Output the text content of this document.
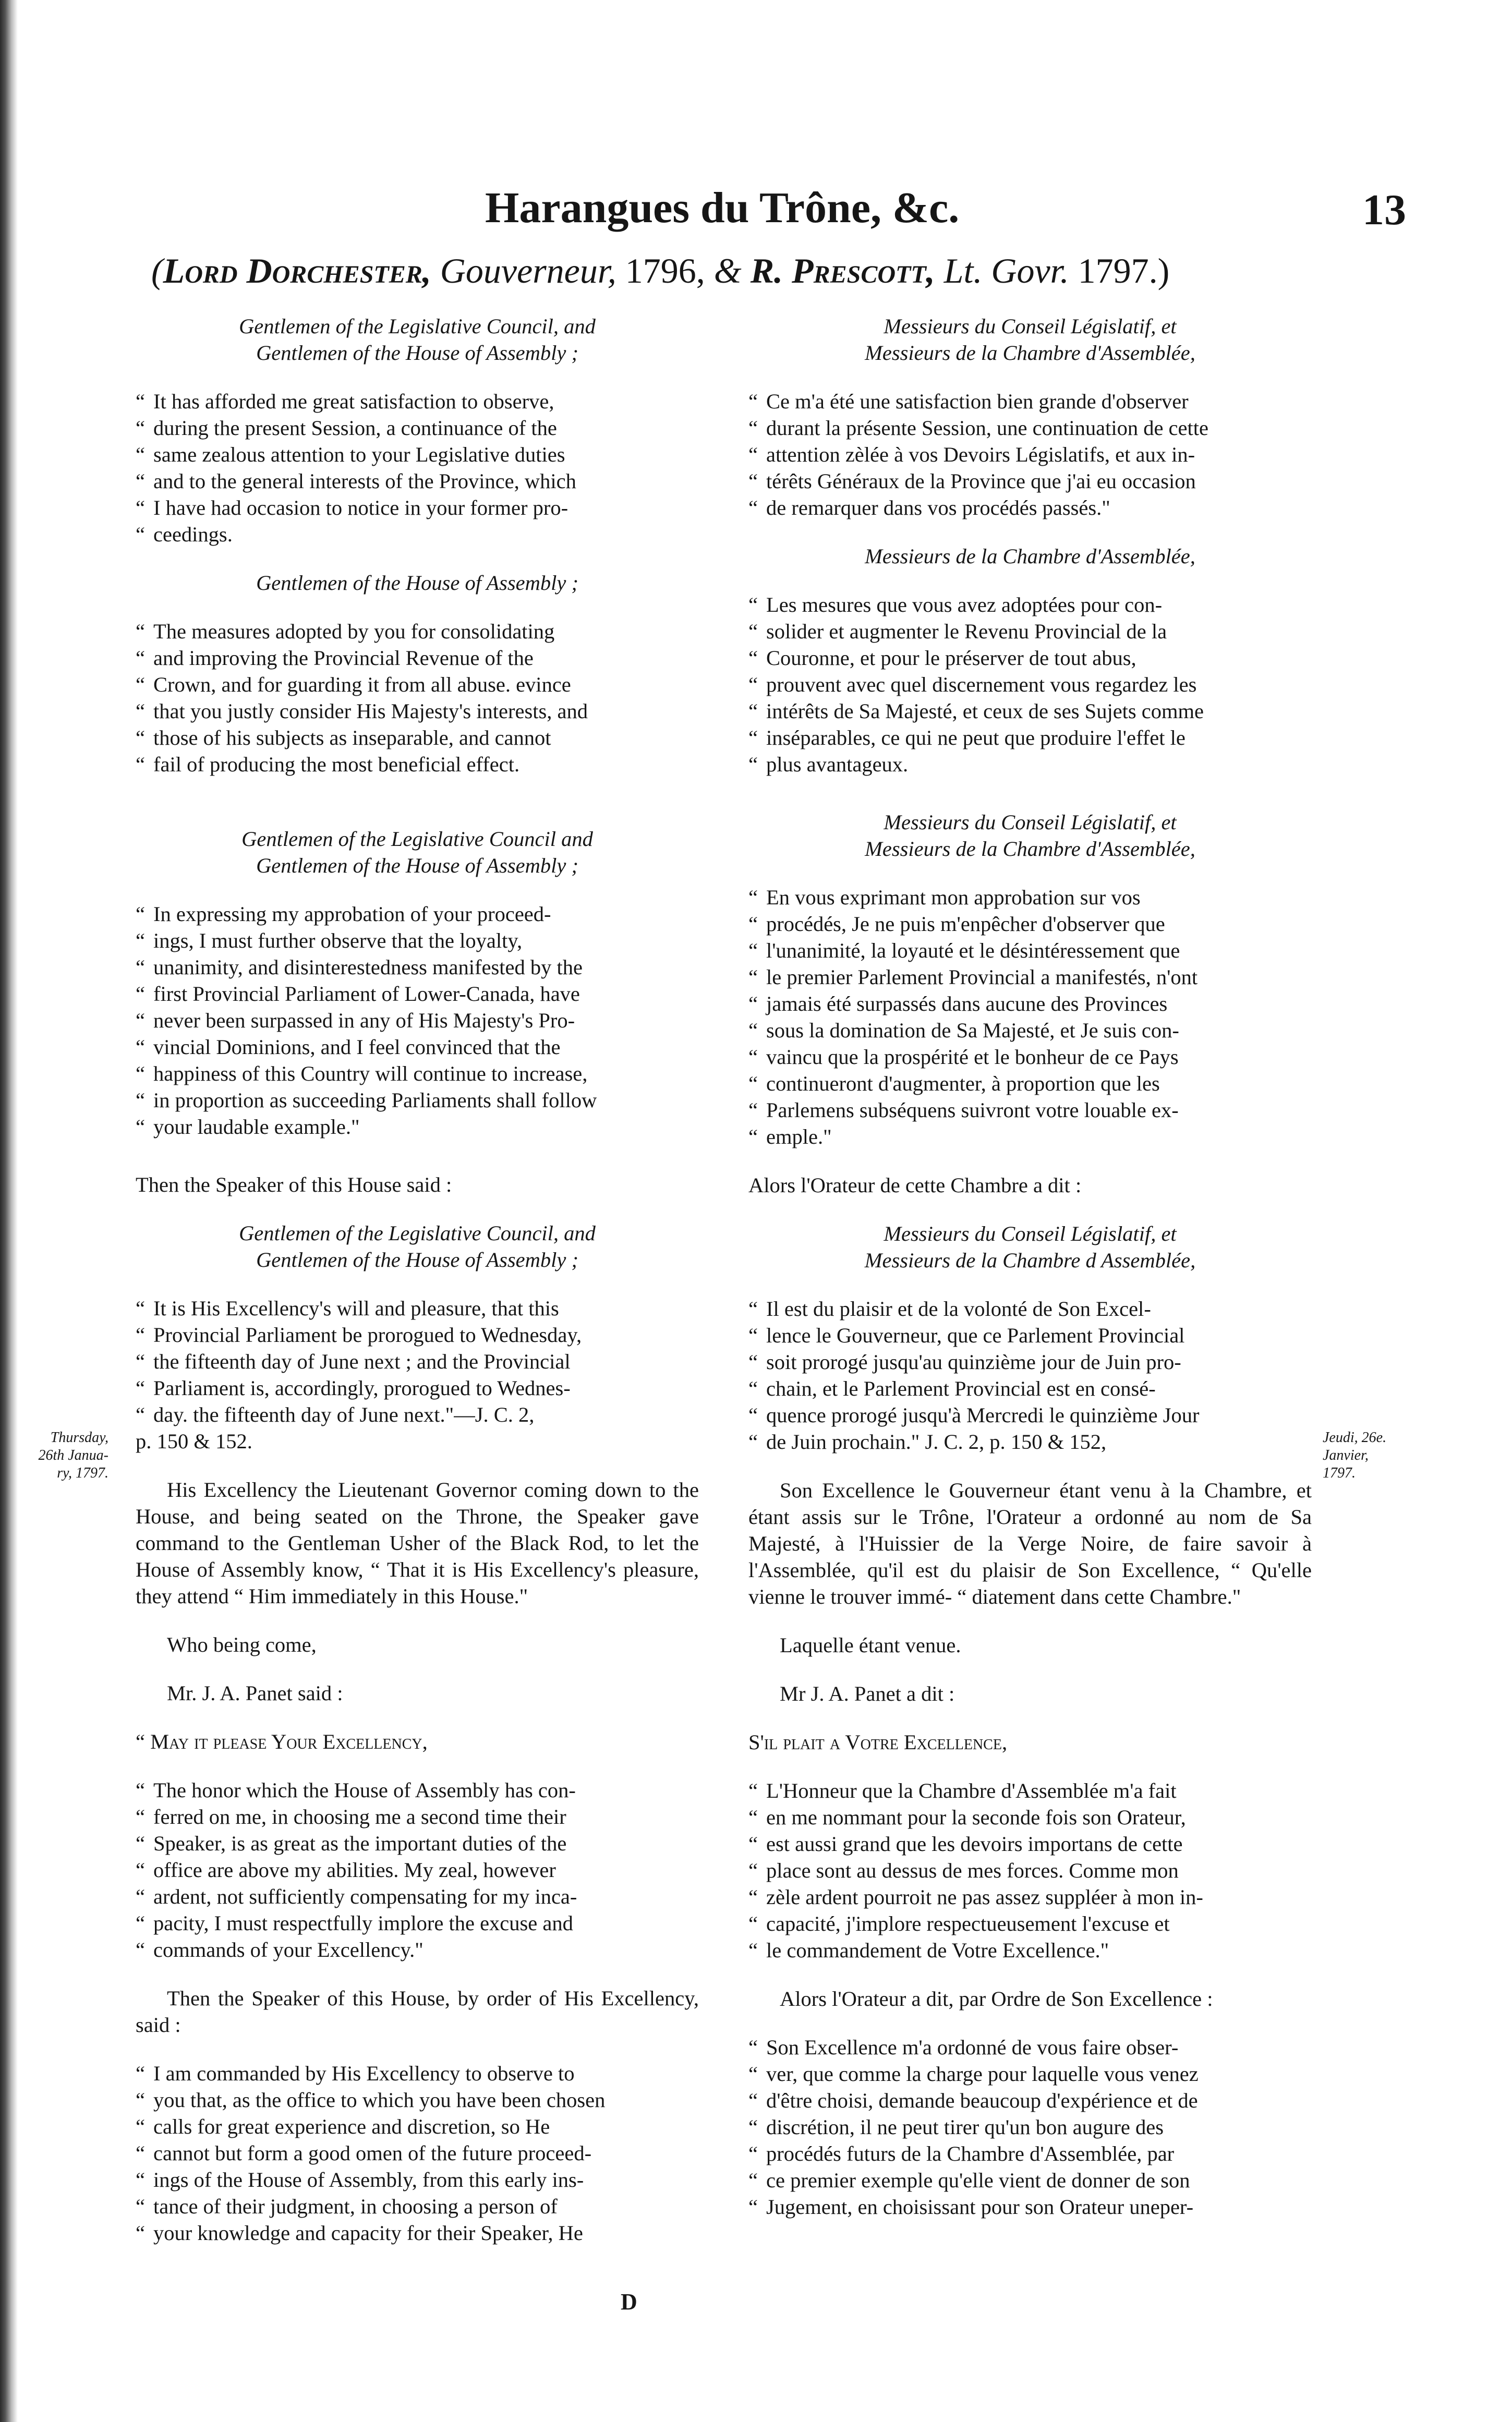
Harangues du Trône, &c.	13
(Lord Dorchester, Gouverneur, 1796, & R. Prescott, Lt. Govr. 1797.)
Gentlemen of the Legislative Council, and
Gentlemen of the House of Assembly ;
“ It has afforded me great satisfaction to observe,
“ during the present Session, a continuance of the
“ same zealous attention to your Legislative duties
“ and to the general interests of the Province, which
“ I have had occasion to notice in your former pro-
“ ceedings.
Gentlemen of the House of Assembly ;
“ The measures adopted by you for consolidating
“ and improving the Provincial Revenue of the
“ Crown, and for guarding it from all abuse. evince
“ that you justly consider His Majesty's interests, and
“ those of his subjects as inseparable, and cannot
“ fail of producing the most beneficial effect.
Gentlemen of the Legislative Council and
Gentlemen of the House of Assembly ;
“ In expressing my approbation of your proceed-
“ ings, I must further observe that the loyalty,
“ unanimity, and disinterestedness manifested by the
“ first Provincial Parliament of Lower-Canada, have
“ never been surpassed in any of His Majesty's Pro-
“ vincial Dominions, and I feel convinced that the
“ happiness of this Country will continue to increase,
“ in proportion as succeeding Parliaments shall follow
“ your laudable example."

Then the Speaker of this House said :

Gentlemen of the Legislative Council, and
Gentlemen of the House of Assembly ;
“ It is His Excellency's will and pleasure, that this
“ Provincial Parliament be prorogued to Wednesday,
“ the fifteenth day of June next ; and the Provincial
“ Parliament is, accordingly, prorogued to Wednes-
“ day. the fifteenth day of June next."—J. C. 2,

p. 150 & 152.

His Excellency the Lieutenant Governor coming down to the House, and being seated on the Throne, the Speaker gave command to the Gentleman Usher of the Black Rod, to let the House of Assembly know, “ That it is His Excellency's pleasure, they attend “ Him immediately in this House."

Who being come,

Mr. J. A. Panet said :

“ May it please Your Excellency,

“ The honor which the House of Assembly has con-
“ ferred on me, in choosing me a second time their
“ Speaker, is as great as the important duties of the
“ office are above my abilities. My zeal, however
“ ardent, not sufficiently compensating for my inca-
“ pacity, I must respectfully implore the excuse and
“ commands of your Excellency."

Then the Speaker of this House, by order of His Excellency, said :

“ I am commanded by His Excellency to observe to
“ you that, as the office to which you have been chosen
“ calls for great experience and discretion, so He
“ cannot but form a good omen of the future proceed-
“ ings of the House of Assembly, from this early ins-
“ tance of their judgment, in choosing a person of
“ your knowledge and capacity for their Speaker, He
Messieurs du Conseil Législatif, et
Messieurs de la Chambre d'Assemblée,
“ Ce m'a été une satisfaction bien grande d'observer
“ durant la présente Session, une continuation de cette
“ attention zèlée à vos Devoirs Législatifs, et aux in-
“ térêts Généraux de la Province que j'ai eu occasion
“ de remarquer dans vos procédés passés."
Messieurs de la Chambre d'Assemblée,
“ Les mesures que vous avez adoptées pour con-
“ solider et augmenter le Revenu Provincial de la
“ Couronne, et pour le préserver de tout abus,
“ prouvent avec quel discernement vous regardez les
“ intérêts de Sa Majesté, et ceux de ses Sujets comme
“ inséparables, ce qui ne peut que produire l'effet le
“ plus avantageux.
Messieurs du Conseil Législatif, et
Messieurs de la Chambre d'Assemblée,
“ En vous exprimant mon approbation sur vos
“ procédés, Je ne puis m'enpêcher d'observer que
“ l'unanimité, la loyauté et le désintéressement que
“ le premier Parlement Provincial a manifestés, n'ont
“ jamais été surpassés dans aucune des Provinces
“ sous la domination de Sa Majesté, et Je suis con-
“ vaincu que la prospérité et le bonheur de ce Pays
“ continueront d'augmenter, à proportion que les
“ Parlemens subséquens suivront votre louable ex-
“ emple."

Alors l'Orateur de cette Chambre a dit :

Messieurs du Conseil Législatif, et
Messieurs de la Chambre d Assemblée,
“ Il est du plaisir et de la volonté de Son Excel-
“ lence le Gouverneur, que ce Parlement Provincial
“ soit prorogé jusqu'au quinzième jour de Juin pro-
“ chain, et le Parlement Provincial est en consé-
“ quence prorogé jusqu'à Mercredi le quinzième Jour
“ de Juin prochain." J. C. 2, p. 150 & 152,

Son Excellence le Gouverneur étant venu à la Chambre, et étant assis sur le Trône, l'Orateur a ordonné au nom de Sa Majesté, à l'Huissier de la Verge Noire, de faire savoir à l'Assemblée, qu'il est du plaisir de Son Excellence, “ Qu'elle vienne le trouver immé- “ diatement dans cette Chambre."

Laquelle étant venue.

Mr J. A. Panet a dit :

S'il plait a Votre Excellence,

“ L'Honneur que la Chambre d'Assemblée m'a fait
“ en me nommant pour la seconde fois son Orateur,
“ est aussi grand que les devoirs importans de cette
“ place sont au dessus de mes forces. Comme mon
“ zèle ardent pourroit ne pas assez suppléer à mon in-
“ capacité, j'implore respectueusement l'excuse et
“ le commandement de Votre Excellence."

Alors l'Orateur a dit, par Ordre de Son Excellence :

“ Son Excellence m'a ordonné de vous faire obser-
“ ver, que comme la charge pour laquelle vous venez
“ d'être choisi, demande beaucoup d'expérience et de
“ discrétion, il ne peut tirer qu'un bon augure des
“ procédés futurs de la Chambre d'Assemblée, par
“ ce premier exemple qu'elle vient de donner de son
“ Jugement, en choisissant pour son Orateur uneper-
Thursday,
26th Janua-
ry, 1797.
Jeudi, 26e.
Janvier,
1797.
D
